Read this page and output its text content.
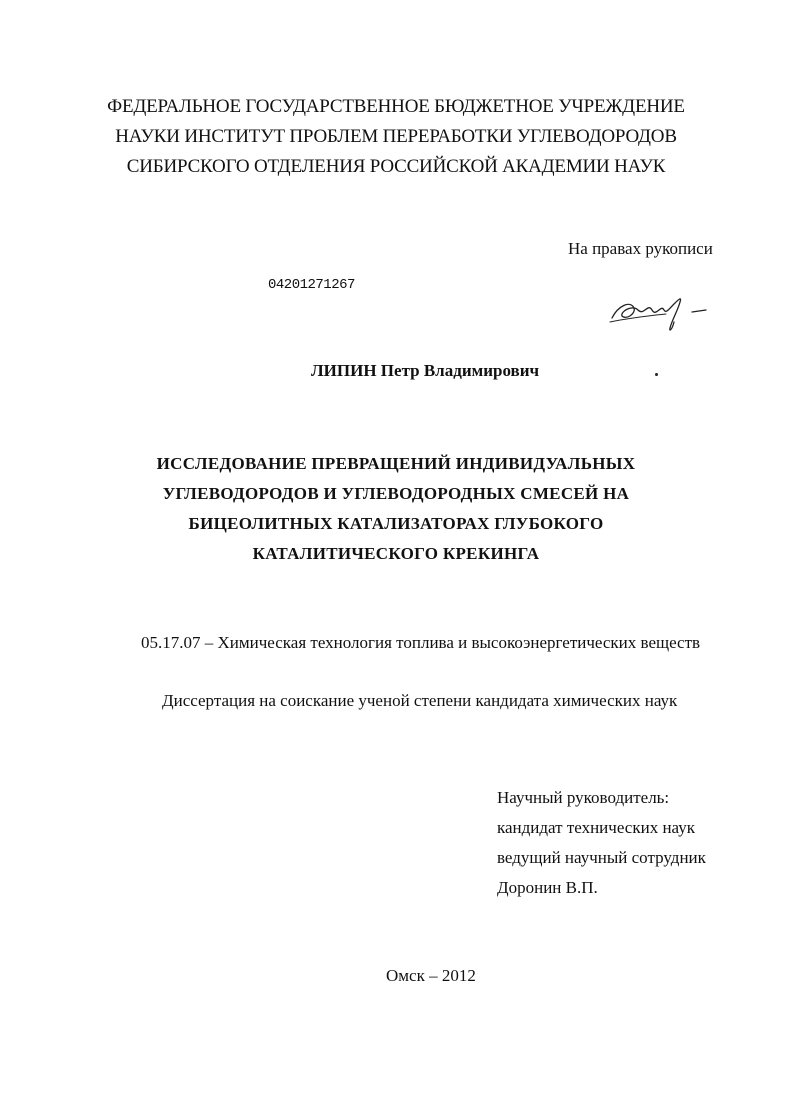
ФЕДЕРАЛЬНОЕ ГОСУДАРСТВЕННОЕ БЮДЖЕТНОЕ УЧРЕЖДЕНИЕ
НАУКИ ИНСТИТУТ ПРОБЛЕМ ПЕРЕРАБОТКИ УГЛЕВОДОРОДОВ
СИБИРСКОГО ОТДЕЛЕНИЯ РОССИЙСКОЙ АКАДЕМИИ НАУК
На правах рукописи
04201271267
ЛИПИН Петр Владимирович
ИССЛЕДОВАНИЕ ПРЕВРАЩЕНИЙ ИНДИВИДУАЛЬНЫХ
УГЛЕВОДОРОДОВ И УГЛЕВОДОРОДНЫХ СМЕСЕЙ НА
БИЦЕОЛИТНЫХ КАТАЛИЗАТОРАХ ГЛУБОКОГО
КАТАЛИТИЧЕСКОГО КРЕКИНГА
05.17.07 – Химическая технология топлива и высокоэнергетических веществ
Диссертация на соискание ученой степени кандидата химических наук
Научный руководитель:
кандидат технических наук
ведущий научный сотрудник
Доронин В.П.
Омск – 2012
